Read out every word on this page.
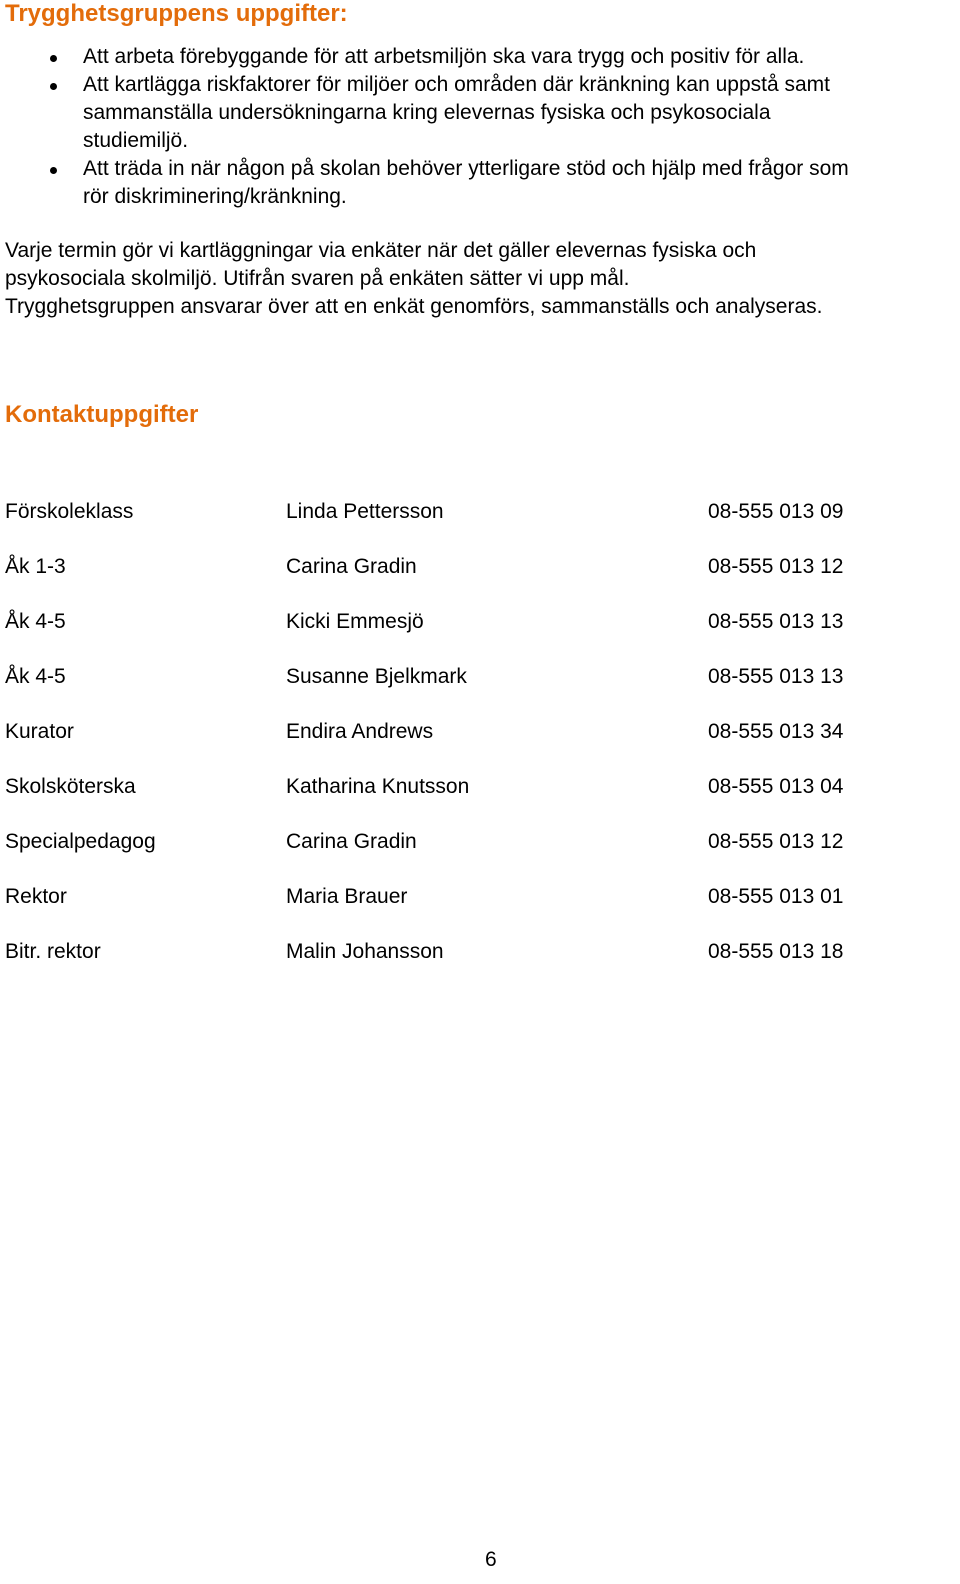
Trygghetsgruppens uppgifter:
Att arbeta förebyggande för att arbetsmiljön ska vara trygg och positiv för alla.
Att kartlägga riskfaktorer för miljöer och områden där kränkning kan uppstå samt
sammanställa undersökningarna kring elevernas fysiska och psykosociala
studiemiljö.
Att träda in när någon på skolan behöver ytterligare stöd och hjälp med frågor som
rör diskriminering/kränkning.

Varje termin gör vi kartläggningar via enkäter när det gäller elevernas fysiska och
psykosociala skolmiljö. Utifrån svaren på enkäten sätter vi upp mål.
Trygghetsgruppen ansvarar över att en enkät genomförs, sammanställs och analyseras.

Kontaktuppgifter
Förskoleklass	Linda Pettersson	08-555 013 09
Åk 1-3	Carina Gradin	08-555 013 12
Åk 4-5	Kicki Emmesjö	08-555 013 13
Åk 4-5	Susanne Bjelkmark	08-555 013 13
Kurator	Endira Andrews	08-555 013 34
Skolsköterska	Katharina Knutsson	08-555 013 04
Specialpedagog	Carina Gradin	08-555 013 12
Rektor	Maria Brauer	08-555 013 01
Bitr. rektor	Malin Johansson	08-555 013 18
6
